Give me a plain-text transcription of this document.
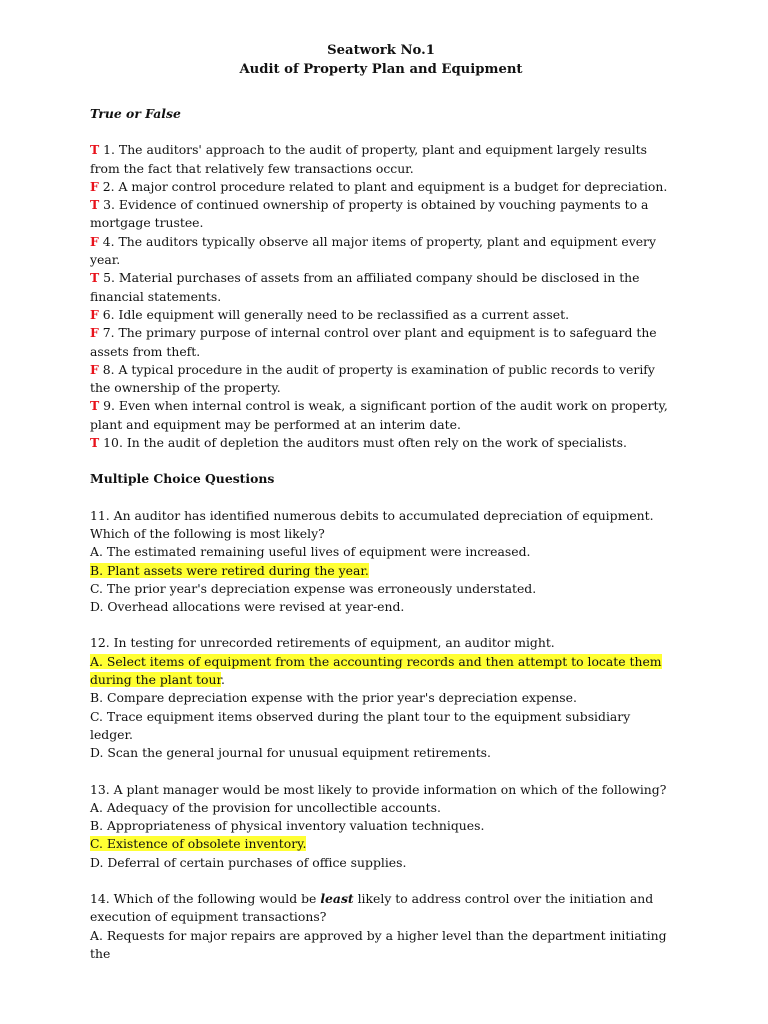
Seatwork No.1
Audit of Property Plan and Equipment
True or False

T 1. The auditors' approach to the audit of property, plant and equipment largely results from the fact that relatively few transactions occur.

F 2. A major control procedure related to plant and equipment is a budget for depreciation.

T 3. Evidence of continued ownership of property is obtained by vouching payments to a mortgage trustee.

F 4. The auditors typically observe all major items of property, plant and equipment every year.

T 5. Material purchases of assets from an affiliated company should be disclosed in the financial statements.

F 6. Idle equipment will generally need to be reclassified as a current asset.

F 7. The primary purpose of internal control over plant and equipment is to safeguard the assets from theft.

F 8. A typical procedure in the audit of property is examination of public records to verify the ownership of the property.

T 9. Even when internal control is weak, a significant portion of the audit work on property, plant and equipment may be performed at an interim date.

T 10. In the audit of depletion the auditors must often rely on the work of specialists.

Multiple Choice Questions

11. An auditor has identified numerous debits to accumulated depreciation of equipment. Which of the following is most likely?

A. The estimated remaining useful lives of equipment were increased.

B. Plant assets were retired during the year.

C. The prior year's depreciation expense was erroneously understated.

D. Overhead allocations were revised at year-end.

12. In testing for unrecorded retirements of equipment, an auditor might.

A. Select items of equipment from the accounting records and then attempt to locate them during the plant tour.

B. Compare depreciation expense with the prior year's depreciation expense.

C. Trace equipment items observed during the plant tour to the equipment subsidiary ledger.

D. Scan the general journal for unusual equipment retirements.

13. A plant manager would be most likely to provide information on which of the following?

A. Adequacy of the provision for uncollectible accounts.

B. Appropriateness of physical inventory valuation techniques.

C. Existence of obsolete inventory.

D. Deferral of certain purchases of office supplies.

14. Which of the following would be least likely to address control over the initiation and execution of equipment transactions?

A. Requests for major repairs are approved by a higher level than the department initiating the
